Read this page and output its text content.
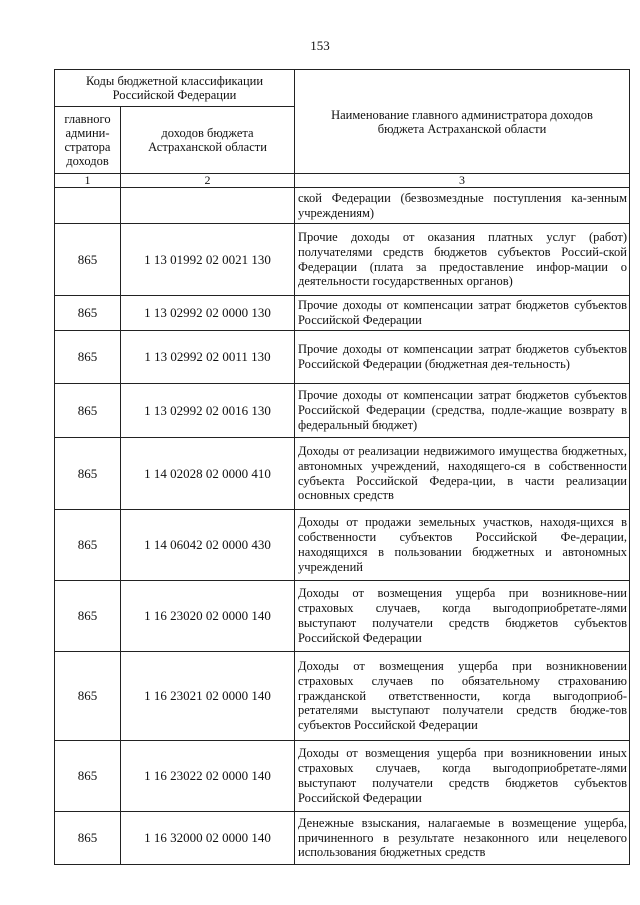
153
Коды бюджетной классификации Российской Федерации		Наименование главного администратора доходов бюджета Астраханской области
главного админи-стратора доходов	доходов бюджета Астраханской области	
1	2	3
		ской Федерации (безвозмездные поступления ка-зенным учреждениям)
865	1 13 01992 02 0021 130	Прочие доходы от оказания платных услуг (работ) получателями средств бюджетов субъектов Россий-ской Федерации (плата за предоставление инфор-мации о деятельности государственных органов)
865	1 13 02992 02 0000 130	Прочие доходы от компенсации затрат бюджетов субъектов Российской Федерации
865	1 13 02992 02 0011 130	Прочие доходы от компенсации затрат бюджетов субъектов Российской Федерации (бюджетная дея-тельность)
865	1 13 02992 02 0016 130	Прочие доходы от компенсации затрат бюджетов субъектов Российской Федерации (средства, подле-жащие возврату в федеральный бюджет)
865	1 14 02028 02 0000 410	Доходы от реализации недвижимого имущества бюджетных, автономных учреждений, находящего-ся в собственности субъекта Российской Федера-ции, в части реализации основных средств
865	1 14 06042 02 0000 430	Доходы от продажи земельных участков, находя-щихся в собственности субъектов Российской Фе-дерации, находящихся в пользовании бюджетных и автономных учреждений
865	1 16 23020 02 0000 140	Доходы от возмещения ущерба при возникнове-нии страховых случаев, когда выгодоприобретате-лями выступают получатели средств бюджетов субъектов Российской Федерации
865	1 16 23021 02 0000 140	Доходы от возмещения ущерба при возникновении страховых случаев по обязательному страхованию гражданской ответственности, когда выгодоприоб-ретателями выступают получатели средств бюдже-тов субъектов Российской Федерации
865	1 16 23022 02 0000 140	Доходы от возмещения ущерба при возникновении иных страховых случаев, когда выгодоприобретате-лями выступают получатели средств бюджетов субъектов Российской Федерации
865	1 16 32000 02 0000 140	Денежные взыскания, налагаемые в возмещение ущерба, причиненного в результате незаконного или нецелевого использования бюджетных средств
